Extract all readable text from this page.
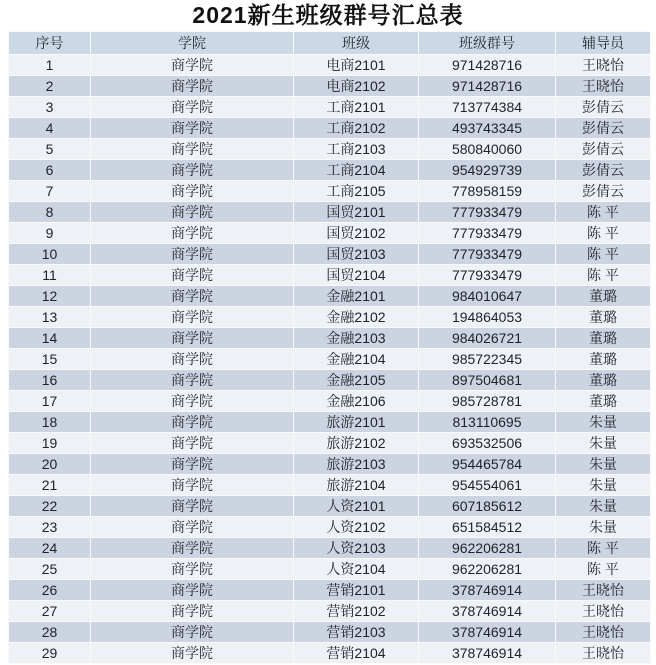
2021新生班级群号汇总表
序号	学院	班级	班级群号	辅导员
1	商学院	电商2101	971428716	王晓怡
2	商学院	电商2102	971428716	王晓怡
3	商学院	工商2101	713774384	彭倩云
4	商学院	工商2102	493743345	彭倩云
5	商学院	工商2103	580840060	彭倩云
6	商学院	工商2104	954929739	彭倩云
7	商学院	工商2105	778958159	彭倩云
8	商学院	国贸2101	777933479	陈 平
9	商学院	国贸2102	777933479	陈 平
10	商学院	国贸2103	777933479	陈 平
11	商学院	国贸2104	777933479	陈 平
12	商学院	金融2101	984010647	董璐
13	商学院	金融2102	194864053	董璐
14	商学院	金融2103	984026721	董璐
15	商学院	金融2104	985722345	董璐
16	商学院	金融2105	897504681	董璐
17	商学院	金融2106	985728781	董璐
18	商学院	旅游2101	813110695	朱量
19	商学院	旅游2102	693532506	朱量
20	商学院	旅游2103	954465784	朱量
21	商学院	旅游2104	954554061	朱量
22	商学院	人资2101	607185612	朱量
23	商学院	人资2102	651584512	朱量
24	商学院	人资2103	962206281	陈 平
25	商学院	人资2104	962206281	陈 平
26	商学院	营销2101	378746914	王晓怡
27	商学院	营销2102	378746914	王晓怡
28	商学院	营销2103	378746914	王晓怡
29	商学院	营销2104	378746914	王晓怡
